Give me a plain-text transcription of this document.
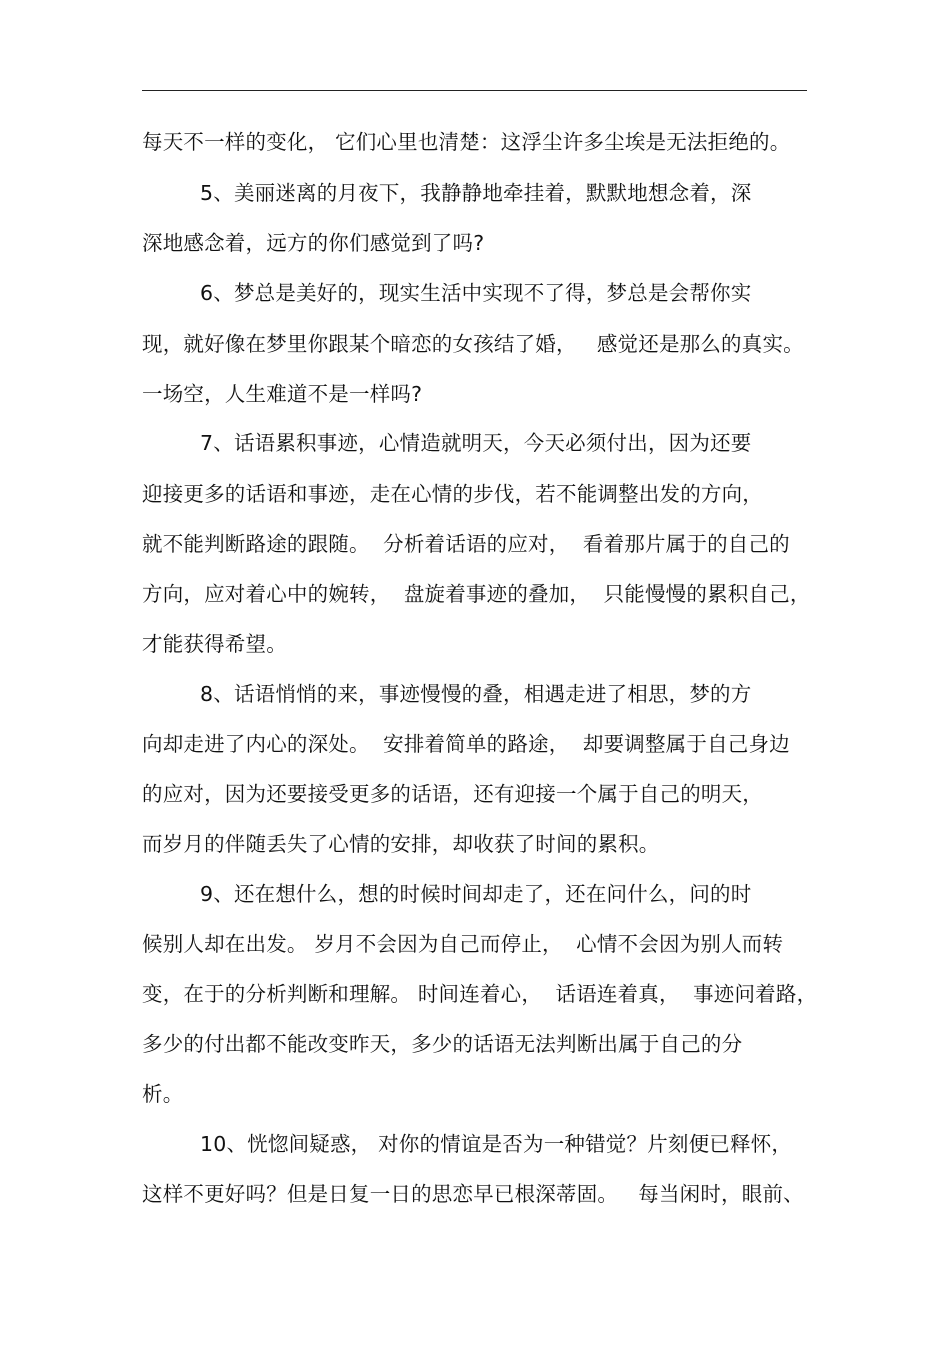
每天不一样的变化， 它们心里也清楚：这浮尘许多尘埃是无法拒绝的。
5、美丽迷离的月夜下，我静静地牵挂着，默默地想念着，深
深地感念着，远方的你们感觉到了吗?
6、梦总是美好的，现实生活中实现不了得，梦总是会帮你实
现，就好像在梦里你跟某个暗恋的女孩结了婚，   感觉还是那么的真实。
一场空，人生难道不是一样吗?
7、话语累积事迹，心情造就明天，今天必须付出，因为还要
迎接更多的话语和事迹，走在心情的步伐，若不能调整出发的方向，
就不能判断路途的跟随。  分析着话语的应对，  看着那片属于的自己的
方向，应对着心中的婉转，  盘旋着事迹的叠加，  只能慢慢的累积自己，
才能获得希望。
8、话语悄悄的来，事迹慢慢的叠，相遇走进了相思，梦的方
向却走进了内心的深处。  安排着简单的路途，  却要调整属于自己身边
的应对，因为还要接受更多的话语，还有迎接一个属于自己的明天，
而岁月的伴随丢失了心情的安排，却收获了时间的累积。
9、还在想什么，想的时候时间却走了，还在问什么，问的时
候别人却在出发。 岁月不会因为自己而停止，  心情不会因为别人而转
变，在于的分析判断和理解。 时间连着心，  话语连着真，  事迹问着路，
多少的付出都不能改变昨天，多少的话语无法判断出属于自己的分
析。
10、恍惚间疑惑， 对你的情谊是否为一种错觉？片刻便已释怀，
这样不更好吗？但是日复一日的思恋早已根深蒂固。   每当闲时，眼前、
